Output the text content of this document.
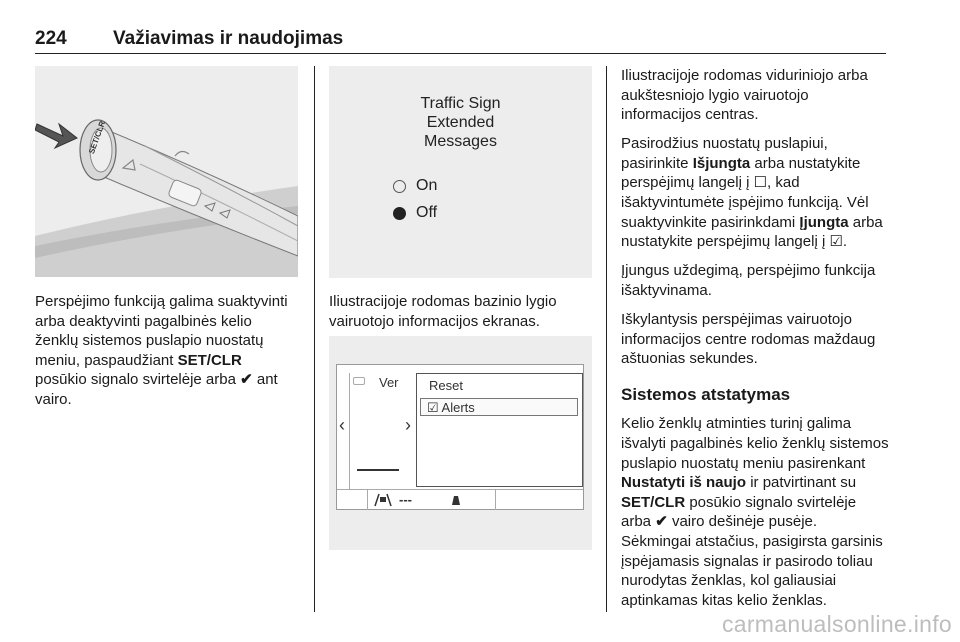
224 Važiavimas ir naudojimas
SET/CLR

Perspėjimo funkciją galima suaktyvinti arba deaktyvinti pagalbinės kelio ženklų sistemos puslapio nuostatų meniu, paspaudžiant SET/CLR posūkio signalo svirtelėje arba ✔ ant vairo.

Traffic Sign
Extended
Messages
On
Off

Iliustracijoje rodomas bazinio lygio vairuotojo informacijos ekranas.

‹	›
Ver
---
Reset
☑ Alerts

Iliustracijoje rodomas viduriniojo arba aukštesniojo lygio vairuotojo informacijos centras.

Pasirodžius nuostatų puslapiui, pasirinkite Išjungta arba nustatykite perspėjimų langelį į ☐, kad išaktyvintumėte įspėjimo funkciją. Vėl suaktyvinkite pasirinkdami Įjungta arba nustatykite perspėjimų langelį į ☑.

Įjungus uždegimą, perspėjimo funkcija išaktyvinama.

Iškylantysis perspėjimas vairuotojo informacijos centre rodomas maždaug aštuonias sekundes.

Sistemos atstatymas

Kelio ženklų atminties turinį galima išvalyti pagalbinės kelio ženklų sistemos puslapio nuostatų meniu pasirenkant Nustatyti iš naujo ir patvirtinant su SET/CLR posūkio signalo svirtelėje arba ✔ vairo dešinėje pusėje. Sėkmingai atstačius, pasigirsta garsinis įspėjamasis signalas ir pasirodo toliau nurodytas ženklas, kol galiausiai aptinkamas kitas kelio ženklas.

carmanualsonline.info
